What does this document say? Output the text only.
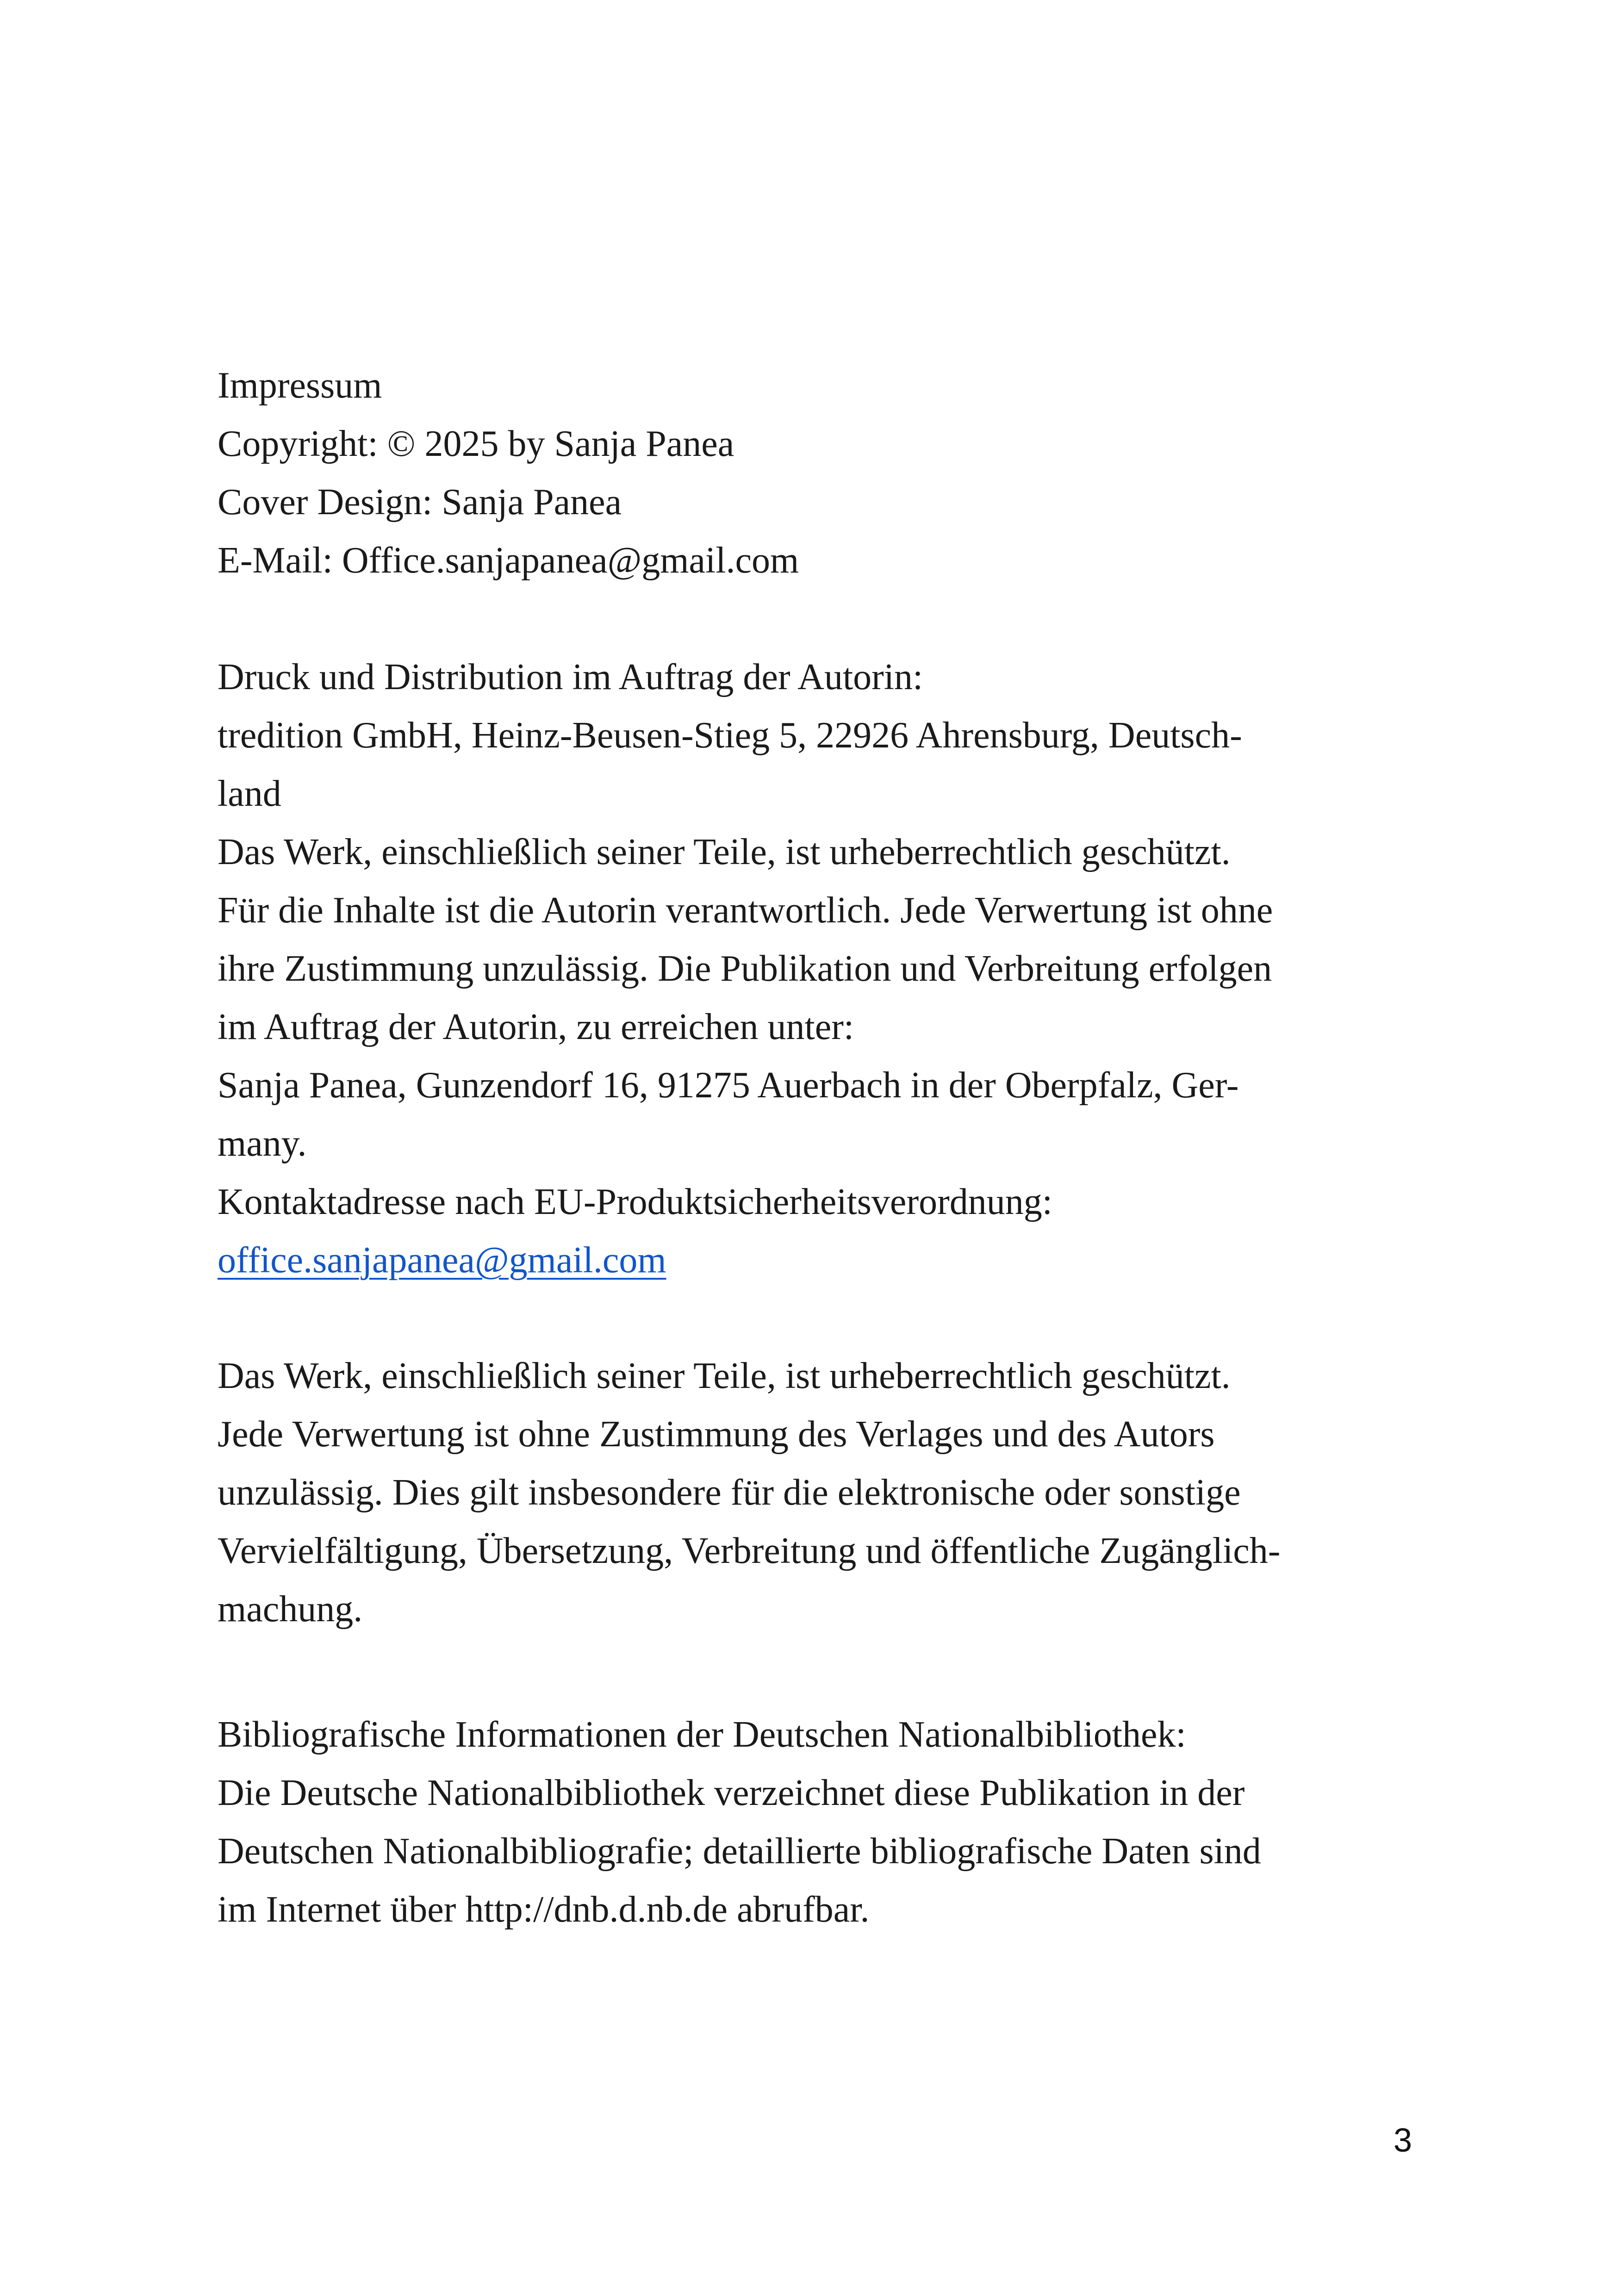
Impressum
Copyright: © 2025 by Sanja Panea
Cover Design: Sanja Panea
E-Mail: Office.sanjapanea@gmail.com
Druck und Distribution im Auftrag der Autorin:
tredition GmbH, Heinz-Beusen-Stieg 5, 22926 Ahrensburg, Deutsch-
land
Das Werk, einschließlich seiner Teile, ist urheberrechtlich geschützt.
Für die Inhalte ist die Autorin verantwortlich. Jede Verwertung ist ohne
ihre Zustimmung unzulässig. Die Publikation und Verbreitung erfolgen
im Auftrag der Autorin, zu erreichen unter:
Sanja Panea, Gunzendorf 16, 91275 Auerbach in der Oberpfalz, Ger-
many.
Kontaktadresse nach EU-Produktsicherheitsverordnung:
office.sanjapanea@gmail.com
Das Werk, einschließlich seiner Teile, ist urheberrechtlich geschützt.
Jede Verwertung ist ohne Zustimmung des Verlages und des Autors
unzulässig. Dies gilt insbesondere für die elektronische oder sonstige
Vervielfältigung, Übersetzung, Verbreitung und öffentliche Zugänglich-
machung.
Bibliografische Informationen der Deutschen Nationalbibliothek:
Die Deutsche Nationalbibliothek verzeichnet diese Publikation in der
Deutschen Nationalbibliografie; detaillierte bibliografische Daten sind
im Internet über http://dnb.d.nb.de abrufbar.
3
